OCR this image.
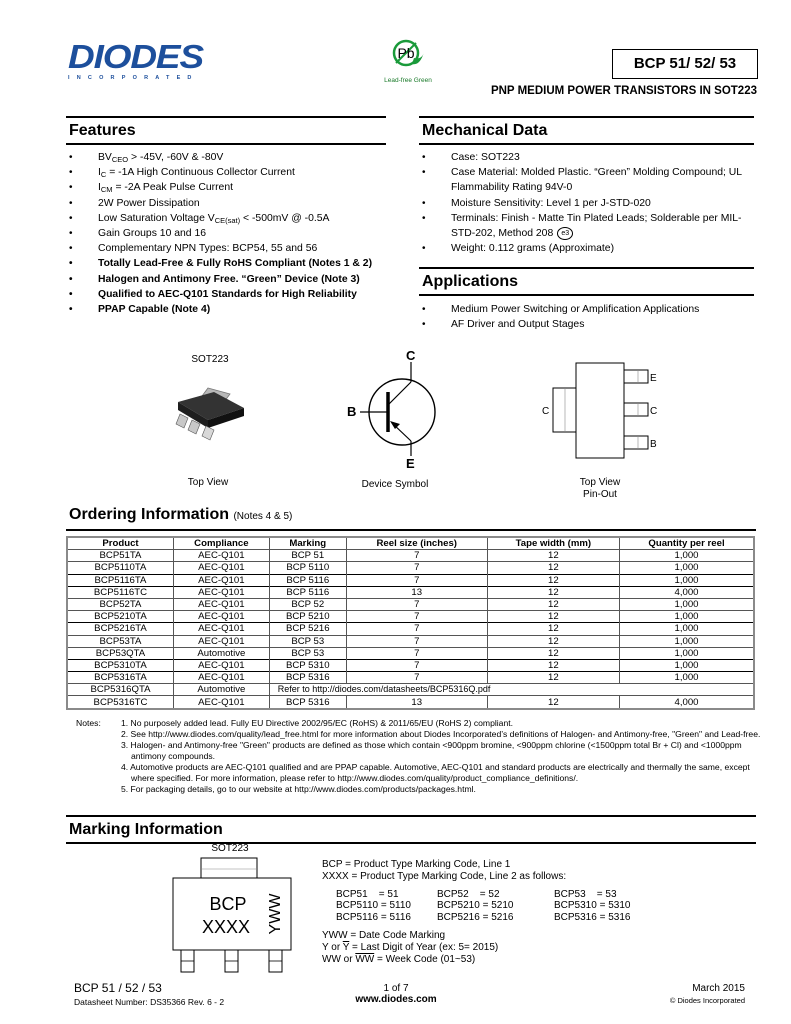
DIODES
INCORPORATED
Pb
Lead-free Green
BCP 51/ 52/ 53
PNP MEDIUM POWER TRANSISTORS IN SOT223
Features
• $BV_{CEO} > -45V$, -60V & -80V
• $I_C = -1A$ High Continuous Collector Current
• $I_{CM} = -2A$ Peak Pulse Current
• 2W Power Dissipation
• Low Saturation Voltage $V_{CE(sat)} < -500mV$ @ -0.5A
• Gain Groups 10 and 16
• Complementary NPN Types: BCP54, 55 and 56
• Totally Lead-Free & Fully RoHS Compliant (Notes 1 & 2)
• Halogen and Antimony Free. “Green” Device (Note 3)
• Qualified to AEC-Q101 Standards for High Reliability
• PPAP Capable (Note 4)
Mechanical Data
• Case: SOT223
• Case Material: Molded Plastic. “Green” Molding Compound; UL Flammability Rating 94V-0
• Moisture Sensitivity: Level 1 per J-STD-020
• Terminals: Finish - Matte Tin Plated Leads; Solderable per MIL-STD-202, Method 208 e3
• Weight: 0.112 grams (Approximate)
Applications
• Medium Power Switching or Amplification Applications
• AF Driver and Output Stages
SOT223
Top View
C
B
E
Device Symbol
C
E
C
B
Top View
Pin-Out
Ordering Information (Notes 4 & 5)
Product	Compliance	Marking	Reel size (inches)	Tape width (mm)	Quantity per reel
BCP51TA	AEC-Q101	BCP 51	7	12	1,000
BCP5110TA	AEC-Q101	BCP 5110	7	12	1,000
BCP5116TA	AEC-Q101	BCP 5116	7	12	1,000
BCP5116TC	AEC-Q101	BCP 5116	13	12	4,000
BCP52TA	AEC-Q101	BCP 52	7	12	1,000
BCP5210TA	AEC-Q101	BCP 5210	7	12	1,000
BCP5216TA	AEC-Q101	BCP 5216	7	12	1,000
BCP53TA	AEC-Q101	BCP 53	7	12	1,000
BCP53QTA	Automotive	BCP 53	7	12	1,000
BCP5310TA	AEC-Q101	BCP 5310	7	12	1,000
BCP5316TA	AEC-Q101	BCP 5316	7	12	1,000
BCP5316QTA	Automotive	Refer to http://diodes.com/datasheets/BCP5316Q.pdf			
BCP5316TC	AEC-Q101	BCP 5316	13	12	4,000
Notes: 1. No purposely added lead. Fully EU Directive 2002/95/EC (RoHS) & 2011/65/EU (RoHS 2) compliant.
2. See http://www.diodes.com/quality/lead_free.html for more information about Diodes Incorporated’s definitions of Halogen- and Antimony-free, "Green" and Lead-free.
3. Halogen- and Antimony-free "Green" products are defined as those which contain <900ppm bromine, <900ppm chlorine (<1500ppm total Br + Cl) and <1000ppm antimony compounds.
4. Automotive products are AEC-Q101 qualified and are PPAP capable. Automotive, AEC-Q101 and standard products are electrically and thermally the same, except where specified. For more information, please refer to http://www.diodes.com/quality/product_compliance_definitions/.
5. For packaging details, go to our website at http://www.diodes.com/products/packages.html.
Marking Information
SOT223
BCP
XXXX YWW
BCP = Product Type Marking Code, Line 1
XXXX = Product Type Marking Code, Line 2 as follows:
BCP51    = 51	BCP52    = 52	BCP53    = 53
BCP5110 = 5110	BCP5210 = 5210	BCP5310 = 5310
BCP5116 = 5116	BCP5216 = 5216	BCP5316 = 5316
YWW = Date Code Marking
Y or $\overline{Y}$ = Last Digit of Year (ex: 5= 2015)
WW or $\overline{WW}$ = Week Code (01~53)
BCP 51 / 52 / 53
Datasheet Number: DS35366 Rev. 6 - 2
1 of 7
www.diodes.com
March 2015
© Diodes Incorporated
